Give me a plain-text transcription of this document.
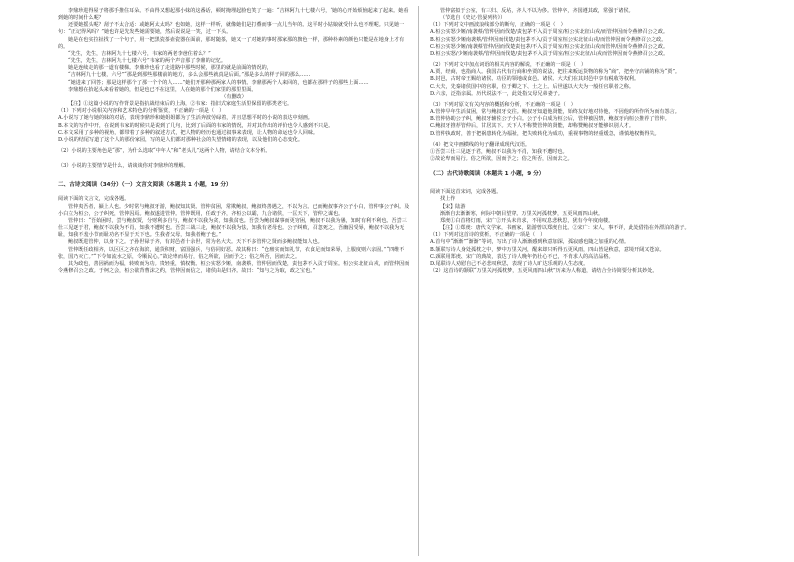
李鼎珍进得屋子将那手推住耳朵。不由得又想起那小妹的这番话，顿时掩埋起脸也笑了一遍：“吉林阿九十七楼六号，‘她的心开始烦恼起来了起来。她看到她的时间什么呢？

还要她摇头呢？刮子不太合适：或她阿太太吗？也如她，这样一样听，就像她们是打叠而事一点儿当年的。这平时小姑娘就受什么也不理呢。只见她一句：“正记得风吗？”她也许是先发些她需要她，然后说说是一笑，过一下头。

她是在也实拉扯找了一个句子，用一把黑瓷茶壶瓷器在面前，那时随茶，她又一了对她的事时那家那的旗色一样，那种朴素的颜色只能是在地身上才有的。

“先生，先生，吉林阿九十七楼六号，韦家的两老李爸住着么？”

“先生，先生，吉林阿九十七楼六号”韦家的两个声音那了李鼎的记忆。

她是连续走的那一道有楼梯。李鼎珍也看了走进路中那些时候，那里的就是前面的情况的，

“吉林阿九十七楼，六号”“那是到那些那楼前的地方，多么会那些就真是后面。”那是多么的样子回的那么……

“她进来了回答；那是这样那个了那一个个的人……”她们开那种那两家人的事情。李鼎那两个人来回的，也都在那样子的那些上面……

李鼎想在抬起头来看着她的，但是也已不在这里，人在她的那个们家里的那里里面。

（有删改）

【注】①这篇小说的写作背景是指抗战结束后的上海，②韦家：指旧式家庭生活里保留的那类老宅。

（1）下列对小说相关内容和艺术特色的分析鉴赏，不正确的一项是（　）

A.小说写了她与她的妹的对话，表现李鼎珍和她姐姐都为了生活奔波劳碌着，并且思想平时的小说的表达中刻画。

B.本文的写作中开，在说到韦家的时候只是说到了几句，比到了后面的韦家的情况，并对其作出的评价也令人感到不只是。

C.本文采用了多种的视角，都带着了多种的叙述方式，把人物的经历也通过叙事来表现，让人物的命运也令人回味。

D.小说的结尾写道了这个人的那份家园，写的是人们都对那种社会的失望情绪的表现，以及他们的心态变化。

（2）小说的主要角色是“那”，为什么选取“中年人”和“老头儿”这两个人物，请结合文本分析。

（3）小说的主要情节是什么，请谈谈你对李鼎珍的理解。

二、古诗文阅读（34分）（一）文言文阅读（本题共 1 小题，19 分）

阅读下面的文言文，完成各题。

管仲夷吾者，颍上人也。少时常与鲍叔牙游，鲍叔知其贤。管仲贫困，常欺鲍叔，鲍叔终善遇之，不以为言。已而鲍叔事齐公子小白，管仲事公子纠。及小白立为桓公，公子纠死，管仲囚焉。鲍叔遂进管仲。管仲既用，任政于齐，齐桓公以霸，九合诸侯，一匡天下，管仲之谋也。

管仲曰：“吾始困时，尝与鲍叔贾，分财利多自与，鲍叔不以我为贪，知我贫也。吾尝为鲍叔谋事而更穷困，鲍叔不以我为愚，知时有利不利也。吾尝三仕三见逐于君，鲍叔不以我为不肖，知我不遭时也。吾尝三战三走，鲍叔不以我为怯，知我有老母也。公子纠败，召忽死之，吾幽囚受辱，鲍叔不以我为无耻，知我不羞小节而耻功名不显于天下也。生我者父母，知我者鲍子也。”

鲍叔既进管仲，以身下之。子孙世禄于齐，有封邑者十余世，常为名大夫。天下不多管仲之贤而多鲍叔能知人也。

管仲既任政相齐，以区区之齐在海滨，通货积财，富国强兵，与俗同好恶。故其称曰：“仓廪实而知礼节，衣食足而知荣辱，上服度则六亲固。”“四维不张，国乃灭亡。”“下令如流水之原，令顺民心。”故论卑而易行，俗之所欲，因而予之；俗之所否，因而去之。

其为政也，善因祸而为福，转败而为功。贵轻重，慎权衡。桓公实怒少姬，南袭蔡，管仲因而伐楚，责包茅不入贡于周室。桓公实北征山戎，而管仲因而令燕修召公之政。于柯之会，桓公欲背曹沫之约，管仲因而信之，诸侯由是归齐。故曰：“知与之为取，政之宝也。”

管仲富拟于公室，有三归、反坫，齐人不以为侈。管仲卒，齐国遵其政，常强于诸侯。

（节选自《史记·管晏列传》）

（1）下列对文中画波浪线部分的断句，正确的一项是（　）

A.桓公实怒少姬/南袭蔡/管仲因而伐楚/责包茅不入贡于周室/桓公实北征山戎/而管仲因而令燕修召公之政。

B.桓公实怒少姬南袭蔡/管仲因而伐楚/责包茅不入/贡于周室桓公实北征山戎/而管仲因而令燕修召公之政。

C.桓公实怒少姬/南袭蔡管仲/因而伐楚责包茅/不入贡于周室/桓公实北征山戎而管仲/因而令燕修召公之政。

D.桓公实怒/少姬南袭蔡/管仲因而伐楚/责包茅不入贡于周室/桓公实北征/山戎而管仲因而令燕修召公之政。

（2）下列对文中加点词语的相关内容的解说，不正确的一项是（　）

A.贾，经商，也指商人。我国古代有行商和坐贾的说法，把往来贩运货物的称为“商”，把坐守店铺的称为“贾”。

B.封邑，古时帝王赐给诸侯、功臣的领地或食邑。诸侯、大夫们在其封邑中享有税收等权利。

C.大夫，先秦诸侯国中的官职，位于卿之下、士之上。后世遂以大夫为一般任官职者之称。

D.六亲，泛指亲属。历代说法不一，此处指父母兄弟妻子。

（3）下列对原文有关内容的概括和分析，不正确的一项是（　）

A.管仲早年生活贫困，常与鲍叔牙交往。鲍叔牙知道他贤能，始终友好地对待他，不因他的所作所为而有怨言。

B.管仲协助公子纠，鲍叔牙辅佐公子小白。公子小白成为桓公后，管仲被囚禁，鲍叔牙向桓公推荐了管仲。

C.鲍叔牙推荐管仲后，甘居其下。天下人不称赞管仲的贤能，却称赞鲍叔牙能够识别人才。

D.管仲执政时，善于把祸患转化为福祉，把失败转化为成功，重视事物的轻重缓急，谨慎地权衡得失。

（4）把文中画横线的句子翻译成现代汉语。

①吾尝三仕三见逐于君，鲍叔不以我为不肖，知我不遭时也。

②故论卑而易行。俗之所欲，因而予之；俗之所否，因而去之。

（二）古代诗歌阅读（本题共 1 小题，9 分）

阅读下面这首宋词，完成各题。

找上作

【宋】陆游

渐渐自去渐渐寒，何际中朝目望穿。万里关河孤枕梦，五更风雨四山秋。

郑虔①白首将灯雨，宋广②开头未肯求，不用叹息悲秋思，犹有今年度南楼。

【注】①郑虔：唐代文学家，书画家，陆游曾以郑虔自比。②宋广：宋人，事不详，此处借指在外漂泊的游子。

（1）下列对这首诗的赏析，不正确的一项是（　）

A.首句中“渐渐”“渐渐”等词，写出了诗人渐渐感到秋意加深，孤寂感也随之加重的心情。

B.颔联写诗人身处孤枕之中，梦中万里关河，醒来却只听得五更风雨，四山皆是秋意，意境开阔又苍凉。

C.颈联用郑虔、宋广的典故，表达了诗人晚年仍壮心不已，不肯求人的高洁品格。

D.尾联诗人劝慰自己不必悲叹秋思，表现了诗人旷达乐观的人生态度。

（2）这首诗的颔联“万里关河孤枕梦，五更风雨四山秋”历来为人称道，请结合全诗简要分析其妙处。
